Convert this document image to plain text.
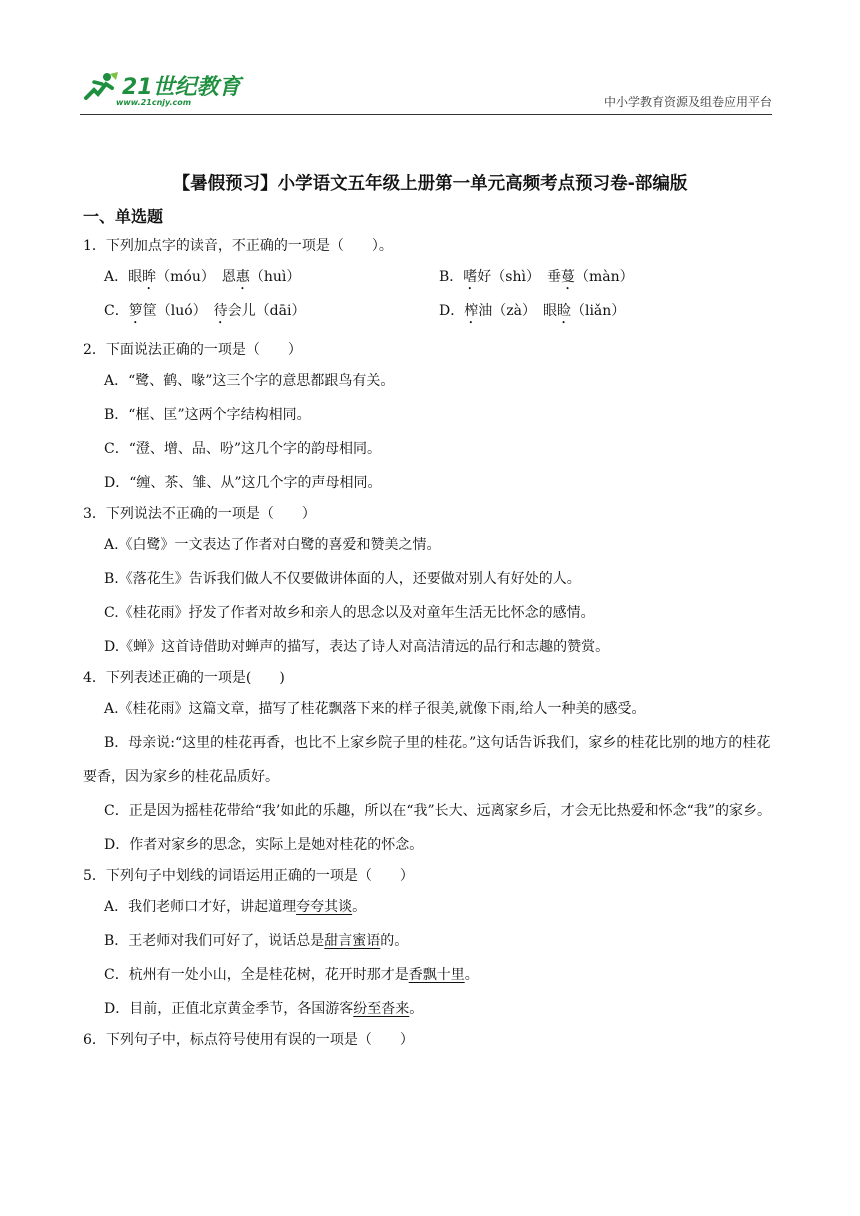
21世纪教育
www.21cnjy.com	中小学教育资源及组卷应用平台
【暑假预习】小学语文五年级上册第一单元高频考点预习卷-部编版
一、单选题

1．下列加点字的读音，不正确的一项是（　　）。

A．眼眸（móu）　恩惠（huì）	B．嗜好（shì）　垂蔓（màn）
C．箩筐（luó）　待会儿（dāi）	D．榨油（zà）　眼睑（liǎn）

2．下面说法正确的一项是（　　）

A．“鹭、鹤、喙”这三个字的意思都跟鸟有关。

B．“框、匡”这两个字结构相同。

C．“澄、增、品、吩”这几个字的韵母相同。

D．“缠、茶、雏、从”这几个字的声母相同。

3．下列说法不正确的一项是（　　）

A.《白鹭》一文表达了作者对白鹭的喜爱和赞美之情。

B.《落花生》告诉我们做人不仅要做讲体面的人，还要做对别人有好处的人。

C.《桂花雨》抒发了作者对故乡和亲人的思念以及对童年生活无比怀念的感情。

D.《蝉》这首诗借助对蝉声的描写，表达了诗人对高洁清远的品行和志趣的赞赏。

4．下列表述正确的一项是(　　)

A.《桂花雨》这篇文章，描写了桂花飘落下来的样子很美,就像下雨,给人一种美的感受。

B．母亲说:“这里的桂花再香，也比不上家乡院子里的桂花。”这句话告诉我们，家乡的桂花比别的地方的桂花要香，因为家乡的桂花品质好。

C．正是因为摇桂花带给“我’如此的乐趣，所以在“我”长大、远离家乡后，才会无比热爱和怀念“我”的家乡。

D．作者对家乡的思念，实际上是她对桂花的怀念。

5．下列句子中划线的词语运用正确的一项是（　　）

A．我们老师口才好，讲起道理夸夸其谈。

B．王老师对我们可好了，说话总是甜言蜜语的。

C．杭州有一处小山，全是桂花树，花开时那才是香飘十里。

D．目前，正值北京黄金季节，各国游客纷至沓来。

6．下列句子中，标点符号使用有误的一项是（　　）
